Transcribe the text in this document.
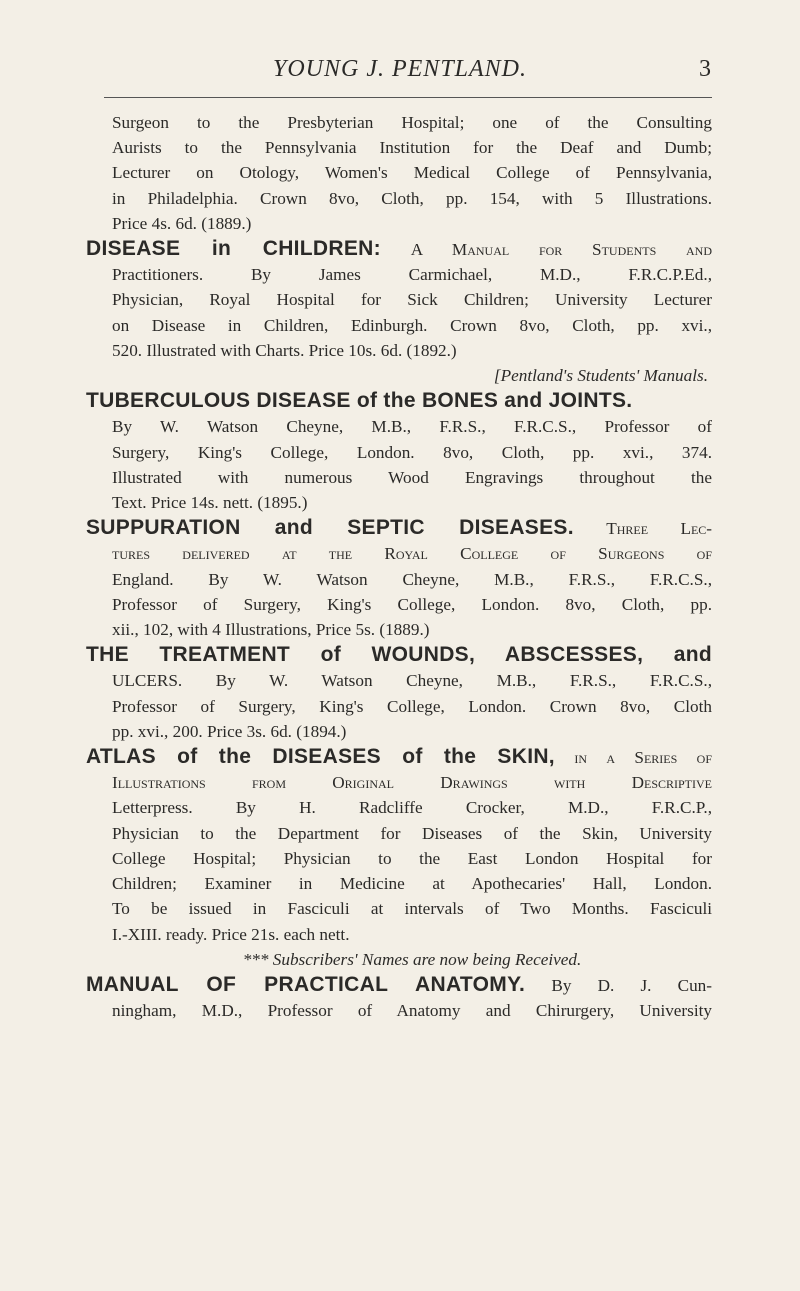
YOUNG J. PENTLAND.	3
Surgeon to the Presbyterian Hospital; one of the Consulting
Aurists to the Pennsylvania Institution for the Deaf and Dumb;
Lecturer on Otology, Women's Medical College of Pennsylvania,
in Philadelphia. Crown 8vo, Cloth, pp. 154, with 5 Illustrations.
Price 4s. 6d. (1889.)
DISEASE in CHILDREN: A Manual for Students and
Practitioners. By James Carmichael, M.D., F.R.C.P.Ed.,
Physician, Royal Hospital for Sick Children; University Lecturer
on Disease in Children, Edinburgh. Crown 8vo, Cloth, pp. xvi.,
520. Illustrated with Charts. Price 10s. 6d. (1892.)
[Pentland's Students' Manuals.
TUBERCULOUS DISEASE of the BONES and JOINTS.
By W. Watson Cheyne, M.B., F.R.S., F.R.C.S., Professor of
Surgery, King's College, London. 8vo, Cloth, pp. xvi., 374.
Illustrated with numerous Wood Engravings throughout the
Text. Price 14s. nett. (1895.)
SUPPURATION and SEPTIC DISEASES. Three Lec-
tures delivered at the Royal College of Surgeons of
England. By W. Watson Cheyne, M.B., F.R.S., F.R.C.S.,
Professor of Surgery, King's College, London. 8vo, Cloth, pp.
xii., 102, with 4 Illustrations, Price 5s. (1889.)
THE TREATMENT of WOUNDS, ABSCESSES, and
ULCERS. By W. Watson Cheyne, M.B., F.R.S., F.R.C.S.,
Professor of Surgery, King's College, London. Crown 8vo, Cloth
pp. xvi., 200. Price 3s. 6d. (1894.)
ATLAS of the DISEASES of the SKIN, in a Series of
Illustrations from Original Drawings with Descriptive
Letterpress. By H. Radcliffe Crocker, M.D., F.R.C.P.,
Physician to the Department for Diseases of the Skin, University
College Hospital; Physician to the East London Hospital for
Children; Examiner in Medicine at Apothecaries' Hall, London.
To be issued in Fasciculi at intervals of Two Months. Fasciculi
I.-XIII. ready. Price 21s. each nett.
*** Subscribers' Names are now being Received.
MANUAL OF PRACTICAL ANATOMY. By D. J. Cun-
ningham, M.D., Professor of Anatomy and Chirurgery, University
